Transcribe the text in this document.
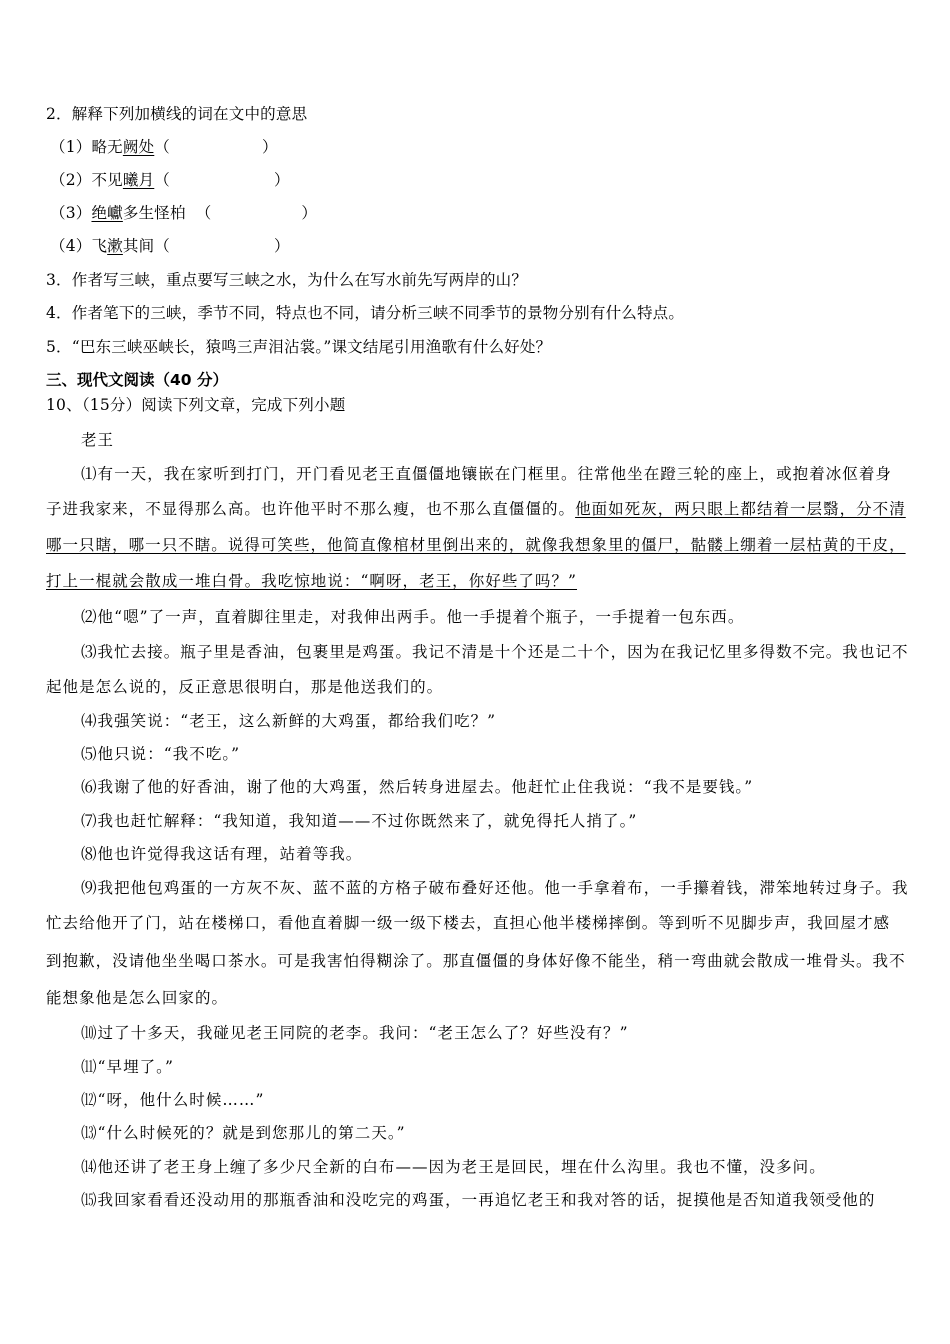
2．解释下列加横线的词在文中的意思
（1）略无阙处（	）
（2）不见曦月（	）
（3）绝巘多生怪柏 （	）
（4）飞漱其间（	）
3．作者写三峡，重点要写三峡之水，为什么在写水前先写两岸的山？
4．作者笔下的三峡，季节不同，特点也不同，请分析三峡不同季节的景物分别有什么特点。
5．“巴东三峡巫峡长，猿鸣三声泪沾裳。”课文结尾引用渔歌有什么好处？
三、现代文阅读（40 分）
10、（15分）阅读下列文章，完成下列小题
老王
⑴有一天，我在家听到打门，开门看见老王直僵僵地镶嵌在门框里。往常他坐在蹬三轮的座上，或抱着冰伛着身
子进我家来，不显得那么高。也许他平时不那么瘦，也不那么直僵僵的。他面如死灰，两只眼上都结着一层翳，分不清
哪一只瞎，哪一只不瞎。说得可笑些，他简直像棺材里倒出来的，就像我想象里的僵尸，骷髅上绷着一层枯黄的干皮，
打上一棍就会散成一堆白骨。我吃惊地说：“啊呀，老王，你好些了吗？”
⑵他“嗯”了一声，直着脚往里走，对我伸出两手。他一手提着个瓶子，一手提着一包东西。
⑶我忙去接。瓶子里是香油，包裹里是鸡蛋。我记不清是十个还是二十个，因为在我记忆里多得数不完。我也记不
起他是怎么说的，反正意思很明白，那是他送我们的。
⑷我强笑说：“老王，这么新鲜的大鸡蛋，都给我们吃？”
⑸他只说：“我不吃。”
⑹我谢了他的好香油，谢了他的大鸡蛋，然后转身进屋去。他赶忙止住我说：“我不是要钱。”
⑺我也赶忙解释：“我知道，我知道——不过你既然来了，就免得托人捎了。”
⑻他也许觉得我这话有理，站着等我。
⑼我把他包鸡蛋的一方灰不灰、蓝不蓝的方格子破布叠好还他。他一手拿着布，一手攥着钱，滞笨地转过身子。我
忙去给他开了门，站在楼梯口，看他直着脚一级一级下楼去，直担心他半楼梯摔倒。等到听不见脚步声，我回屋才感
到抱歉，没请他坐坐喝口茶水。可是我害怕得糊涂了。那直僵僵的身体好像不能坐，稍一弯曲就会散成一堆骨头。我不
能想象他是怎么回家的。
⑽过了十多天，我碰见老王同院的老李。我问：“老王怎么了？好些没有？”
⑾“早埋了。”
⑿“呀，他什么时候……”
⒀“什么时候死的？就是到您那儿的第二天。”
⒁他还讲了老王身上缠了多少尺全新的白布——因为老王是回民，埋在什么沟里。我也不懂，没多问。
⒂我回家看看还没动用的那瓶香油和没吃完的鸡蛋，一再追忆老王和我对答的话，捉摸他是否知道我领受他的
